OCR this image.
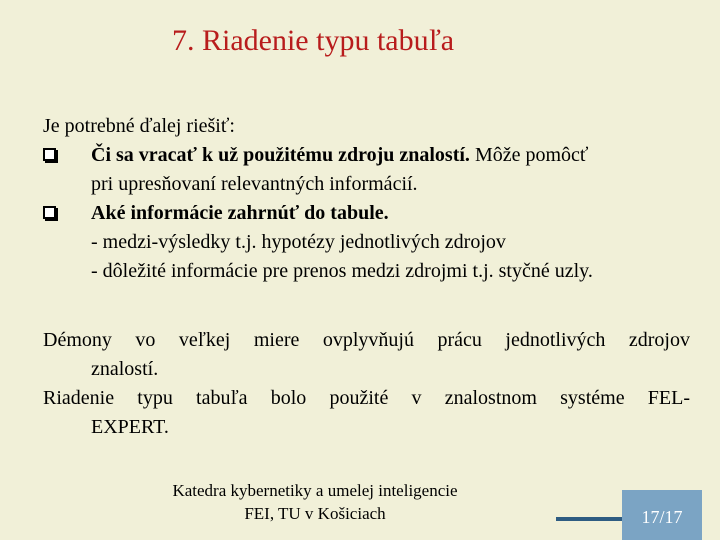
7. Riadenie typu tabuľa
Je potrebné ďalej riešiť:
Či sa vracať k už použitému zdroju znalostí. Môže pomôcť
pri upresňovaní relevantných informácií.
Aké informácie zahrnúť do tabule.
- medzi-výsledky t.j. hypotézy jednotlivých zdrojov
- dôležité informácie pre prenos medzi zdrojmi t.j. styčné uzly.
Démony vo veľkej miere ovplyvňujú prácu jednotlivých zdrojov
znalostí.
Riadenie typu tabuľa bolo použité v znalostnom systéme FEL-
EXPERT.
Katedra kybernetiky a umelej inteligencie
FEI, TU v Košiciach	17/17
